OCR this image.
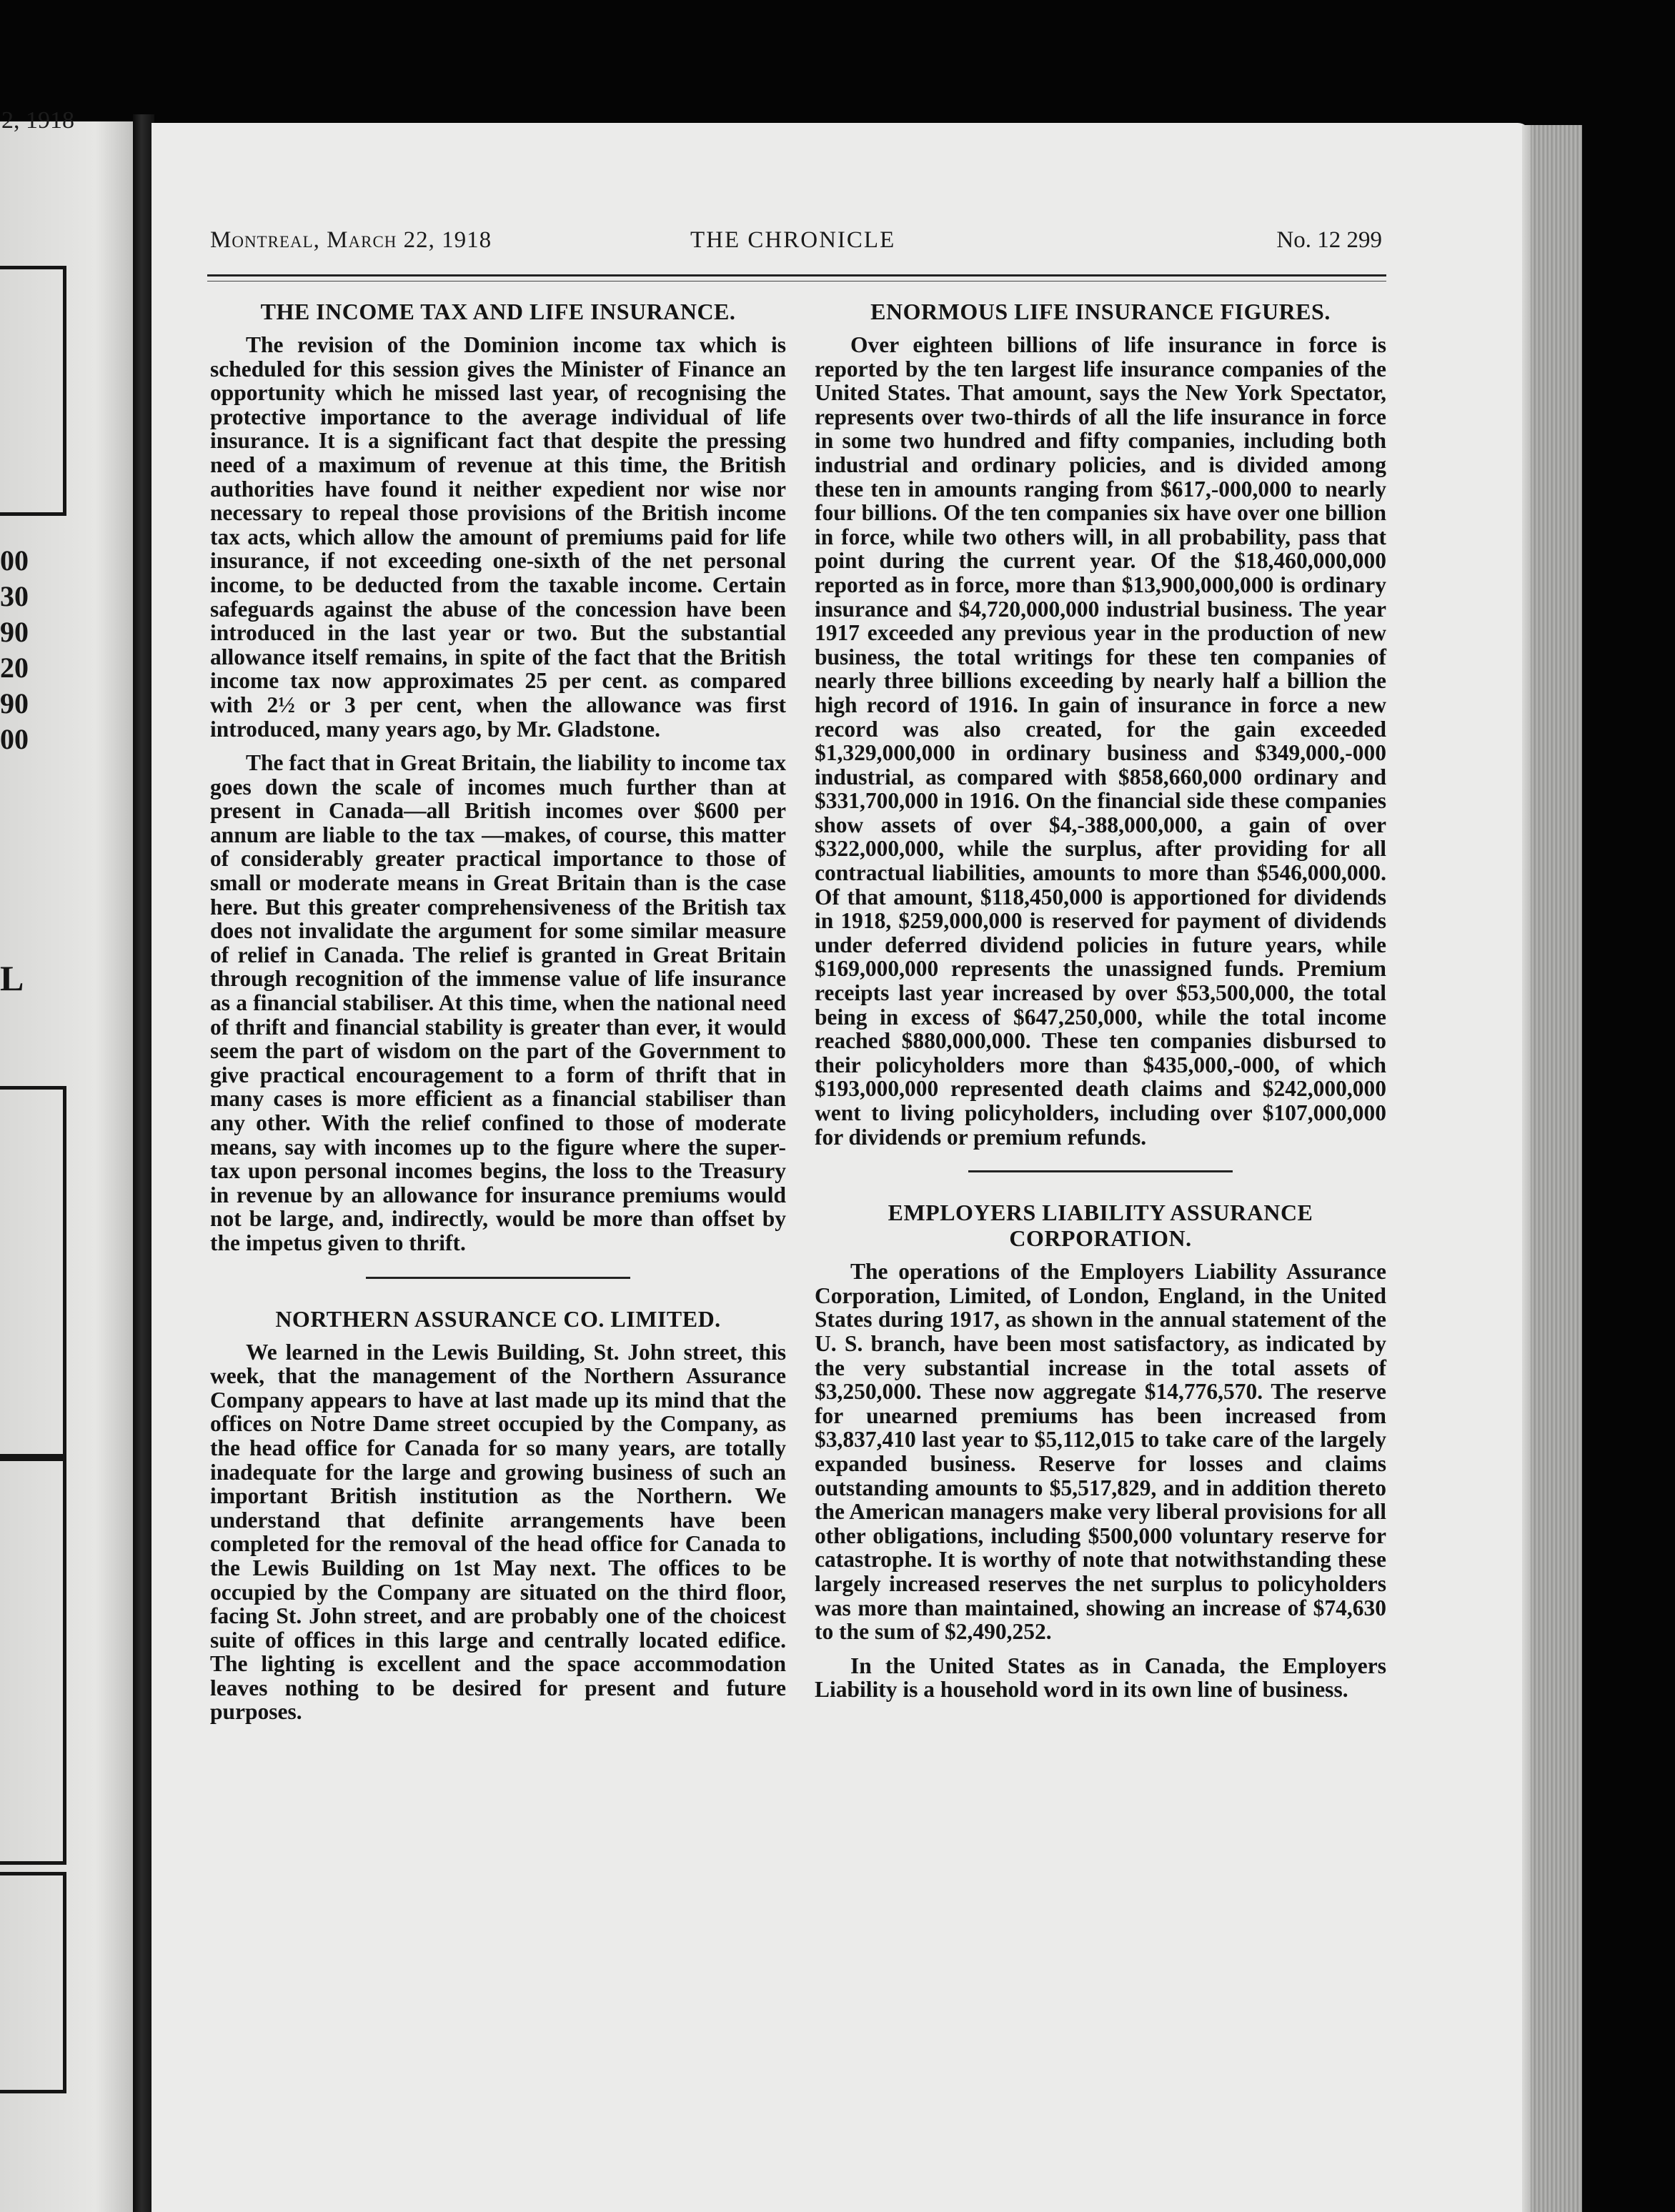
2, 1918
00
30
90
20
90
00
L
Montreal, March 22, 1918	THE CHRONICLE	No. 12 299
THE INCOME TAX AND LIFE INSURANCE.

The revision of the Dominion income tax which is scheduled for this session gives the Minister of Finance an opportunity which he missed last year, of recognising the protective importance to the average individual of life insurance. It is a significant fact that despite the pressing need of a maximum of revenue at this time, the British authorities have found it neither expedient nor wise nor necessary to repeal those provisions of the British income tax acts, which allow the amount of premiums paid for life insurance, if not exceeding one-sixth of the net personal income, to be deducted from the taxable income. Certain safeguards against the abuse of the concession have been introduced in the last year or two. But the substantial allowance itself remains, in spite of the fact that the British income tax now approximates 25 per cent. as compared with 2½ or 3 per cent, when the allowance was first introduced, many years ago, by Mr. Gladstone.

The fact that in Great Britain, the liability to income tax goes down the scale of incomes much further than at present in Canada—all British incomes over $600 per annum are liable to the tax —makes, of course, this matter of considerably greater practical importance to those of small or moderate means in Great Britain than is the case here. But this greater comprehensiveness of the British tax does not invalidate the argument for some similar measure of relief in Canada. The relief is granted in Great Britain through recognition of the immense value of life insurance as a financial stabiliser. At this time, when the national need of thrift and financial stability is greater than ever, it would seem the part of wisdom on the part of the Government to give practical encouragement to a form of thrift that in many cases is more efficient as a financial stabiliser than any other. With the relief confined to those of moderate means, say with incomes up to the figure where the super-tax upon personal incomes begins, the loss to the Treasury in revenue by an allowance for insurance premiums would not be large, and, indirectly, would be more than offset by the impetus given to thrift.

NORTHERN ASSURANCE CO. LIMITED.

We learned in the Lewis Building, St. John street, this week, that the management of the Northern Assurance Company appears to have at last made up its mind that the offices on Notre Dame street occupied by the Company, as the head office for Canada for so many years, are totally inadequate for the large and growing business of such an important British institution as the Northern. We understand that definite arrangements have been completed for the removal of the head office for Canada to the Lewis Building on 1st May next. The offices to be occupied by the Company are situated on the third floor, facing St. John street, and are probably one of the choicest suite of offices in this large and centrally located edifice. The lighting is excellent and the space accommodation leaves nothing to be desired for present and future purposes.

ENORMOUS LIFE INSURANCE FIGURES.

Over eighteen billions of life insurance in force is reported by the ten largest life insurance companies of the United States. That amount, says the New York Spectator, represents over two-thirds of all the life insurance in force in some two hundred and fifty companies, including both industrial and ordinary policies, and is divided among these ten in amounts ranging from $617,-000,000 to nearly four billions. Of the ten companies six have over one billion in force, while two others will, in all probability, pass that point during the current year. Of the $18,460,000,000 reported as in force, more than $13,900,000,000 is ordinary insurance and $4,720,000,000 industrial business. The year 1917 exceeded any previous year in the production of new business, the total writings for these ten companies of nearly three billions exceeding by nearly half a billion the high record of 1916. In gain of insurance in force a new record was also created, for the gain exceeded $1,329,000,000 in ordinary business and $349,000,-000 industrial, as compared with $858,660,000 ordinary and $331,700,000 in 1916. On the financial side these companies show assets of over $4,-388,000,000, a gain of over $322,000,000, while the surplus, after providing for all contractual liabilities, amounts to more than $546,000,000. Of that amount, $118,450,000 is apportioned for dividends in 1918, $259,000,000 is reserved for payment of dividends under deferred dividend policies in future years, while $169,000,000 represents the unassigned funds. Premium receipts last year increased by over $53,500,000, the total being in excess of $647,250,000, while the total income reached $880,000,000. These ten companies disbursed to their policyholders more than $435,000,-000, of which $193,000,000 represented death claims and $242,000,000 went to living policyholders, including over $107,000,000 for dividends or premium refunds.

EMPLOYERS LIABILITY ASSURANCE
CORPORATION.

The operations of the Employers Liability Assurance Corporation, Limited, of London, England, in the United States during 1917, as shown in the annual statement of the U. S. branch, have been most satisfactory, as indicated by the very substantial increase in the total assets of $3,250,000. These now aggregate $14,776,570. The reserve for unearned premiums has been increased from $3,837,410 last year to $5,112,015 to take care of the largely expanded business. Reserve for losses and claims outstanding amounts to $5,517,829, and in addition thereto the American managers make very liberal provisions for all other obligations, including $500,000 voluntary reserve for catastrophe. It is worthy of note that notwithstanding these largely increased reserves the net surplus to policyholders was more than maintained, showing an increase of $74,630 to the sum of $2,490,252.

In the United States as in Canada, the Employers Liability is a household word in its own line of business.
